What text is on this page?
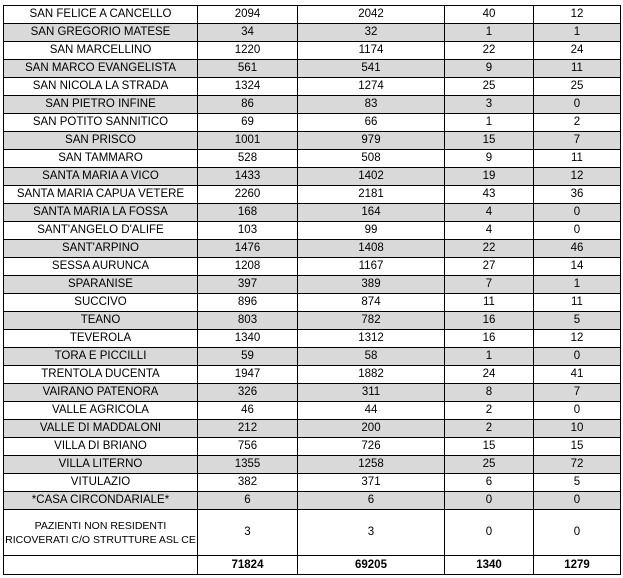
SAN FELICE A CANCELLO	2094	2042	40	12
SAN GREGORIO MATESE	34	32	1	1
SAN MARCELLINO	1220	1174	22	24
SAN MARCO EVANGELISTA	561	541	9	11
SAN NICOLA LA STRADA	1324	1274	25	25
SAN PIETRO INFINE	86	83	3	0
SAN POTITO SANNITICO	69	66	1	2
SAN PRISCO	1001	979	15	7
SAN TAMMARO	528	508	9	11
SANTA MARIA A VICO	1433	1402	19	12
SANTA MARIA CAPUA VETERE	2260	2181	43	36
SANTA MARIA LA FOSSA	168	164	4	0
SANT'ANGELO D'ALIFE	103	99	4	0
SANT'ARPINO	1476	1408	22	46
SESSA AURUNCA	1208	1167	27	14
SPARANISE	397	389	7	1
SUCCIVO	896	874	11	11
TEANO	803	782	16	5
TEVEROLA	1340	1312	16	12
TORA E PICCILLI	59	58	1	0
TRENTOLA DUCENTA	1947	1882	24	41
VAIRANO PATENORA	326	311	8	7
VALLE AGRICOLA	46	44	2	0
VALLE DI MADDALONI	212	200	2	10
VILLA DI BRIANO	756	726	15	15
VILLA LITERNO	1355	1258	25	72
VITULAZIO	382	371	6	5
*CASA CIRCONDARIALE*	6	6	0	0
PAZIENTI NON RESIDENTI RICOVERATI C/O STRUTTURE ASL CE	3	3	0	0
	71824	69205	1340	1279
